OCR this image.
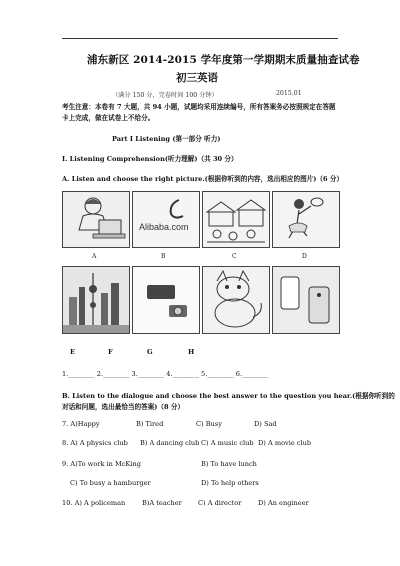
浦东新区 2014-2015 学年度第一学期期末质量抽查试卷
初三英语
（满分 150 分，完卷时间 100 分钟）	2015.01
考生注意：本卷有 7 大题，共 94 小题，试题均采用连续编号，所有答案务必按照规定在答题
卡上完成，做在试卷上不给分。
Part I Listening (第一部分 听力)
I. Listening Comprehension(听力理解)（共 30 分）
A. Listen and choose the right picture.(根据你听到的内容，选出相应的图片)（6 分）
Alibaba.com
A	B	C	D
E	F	G	H
1.________ 2.________ 3.________ 4.________ 5.________ 6.________
B. Listen to the dialogue and choose the best answer to the question you hear.(根据你听到的
对话和问题，选出最恰当的答案)（8 分）
7. A)Happy	B) Tired	C) Busy	D) Sad
8. A) A physics club B) A dancing club C) A music club D) A movie club
9. A)To work in McKing	B) To have lunch
C) To busy a hamburger	D) To help others
10. A) A policeman	B)A teacher C) A director	D) An engineer
